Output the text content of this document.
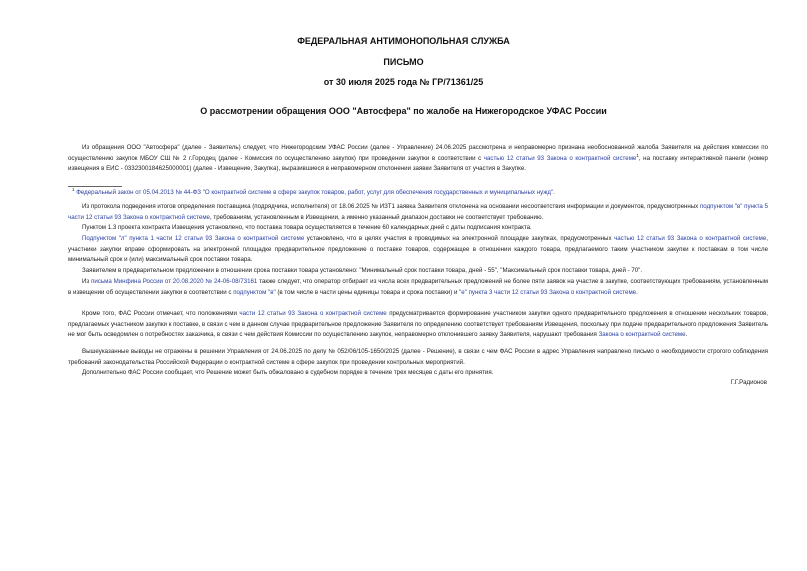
ФЕДЕРАЛЬНАЯ АНТИМОНОПОЛЬНАЯ СЛУЖБА
ПИСЬМО
от 30 июля 2025 года № ГР/71361/25
О рассмотрении обращения ООО "Автосфера" по жалобе на Нижегородское УФАС России

Из обращения ООО "Автосфера" (далее - Заявитель) следует, что Нижегородским УФАС России (далее - Управление) 24.06.2025 рассмотрена и неправомерно признана необоснованной жалоба Заявителя на действия комиссии по осуществлению закупок МБОУ СШ № 2 г.Городец (далее - Комиссия по осуществлению закупок) при проведении закупки в соответствии с частью 12 статьи 93 Закона о контрактной системе$^1$, на поставку интерактивной панели (номер извещения в ЕИС - 0332300184625000001) (далее - Извещение, Закупка), выразившиеся в неправомерном отклонении заявки Заявителя от участия в Закупке.

$^1$ Федеральный закон от 05.04.2013 № 44-ФЗ "О контрактной системе в сфере закупок товаров, работ, услуг для обеспечения государственных и муниципальных нужд".

Из протокола подведения итогов определения поставщика (подрядчика, исполнителя) от 18.06.2025 № ИЗТ1 заявка Заявителя отклонена на основании несоответствия информации и документов, предусмотренных подпунктом "в" пункта 5 части 12 статьи 93 Закона о контрактной системе, требованиям, установленным в Извещении, а именно указанный диапазон доставки не соответствует требованию.

Пунктом 1.3 проекта контракта Извещения установлено, что поставка товара осуществляется в течение 60 календарных дней с даты подписания контракта.

Подпунктом "л" пункта 1 части 12 статьи 93 Закона о контрактной системе установлено, что в целях участия в проводимых на электронной площадке закупках, предусмотренных частью 12 статьи 93 Закона о контрактной системе, участники закупки вправе сформировать на электронной площадке предварительное предложение о поставке товаров, содержащее в отношении каждого товара, предлагаемого таким участником закупки к поставкам в том числе минимальный срок и (или) максимальный срок поставки товара.

Заявителем в предварительном предложении в отношении срока поставки товара установлено: "Минимальный срок поставки товара, дней - 55", "Максимальный срок поставки товара, дней - 70".

Из письма Минфина России от 20.08.2020 № 24-06-08/73161 также следует, что оператор отбирает из числа всех предварительных предложений не более пяти заявок на участие в закупке, соответствующих требованиям, установленным в извещении об осуществлении закупки в соответствии с подпунктом "в" (в том числе в части цены единицы товара и срока поставки) и "е" пункта 3 части 12 статьи 93 Закона о контрактной системе.

Кроме того, ФАС России отмечает, что положениями части 12 статьи 93 Закона о контрактной системе предусматривается формирование участником закупки одного предварительного предложения в отношении нескольких товаров, предлагаемых участником закупки к поставке, в связи с чем в данном случае предварительное предложение Заявителя по определению соответствует требованиям Извещения, поскольку при подаче предварительного предложения Заявитель не мог быть осведомлен о потребностях заказчика, в связи с чем действия Комиссии по осуществлению закупок, неправомерно отклонившего заявку Заявителя, нарушают требования Закона о контрактной системе.

Вышеуказанные выводы не отражены в решении Управления от 24.06.2025 по делу № 052/06/105-1650/2025 (далее - Решение), в связи с чем ФАС России в адрес Управления направлено письмо о необходимости строгого соблюдения требований законодательства Российской Федерации о контрактной системе в сфере закупок при проведении контрольных мероприятий.

Дополнительно ФАС России сообщает, что Решение может быть обжаловано в судебном порядке в течение трех месяцев с даты его принятия.

Г.Г.Радионов
